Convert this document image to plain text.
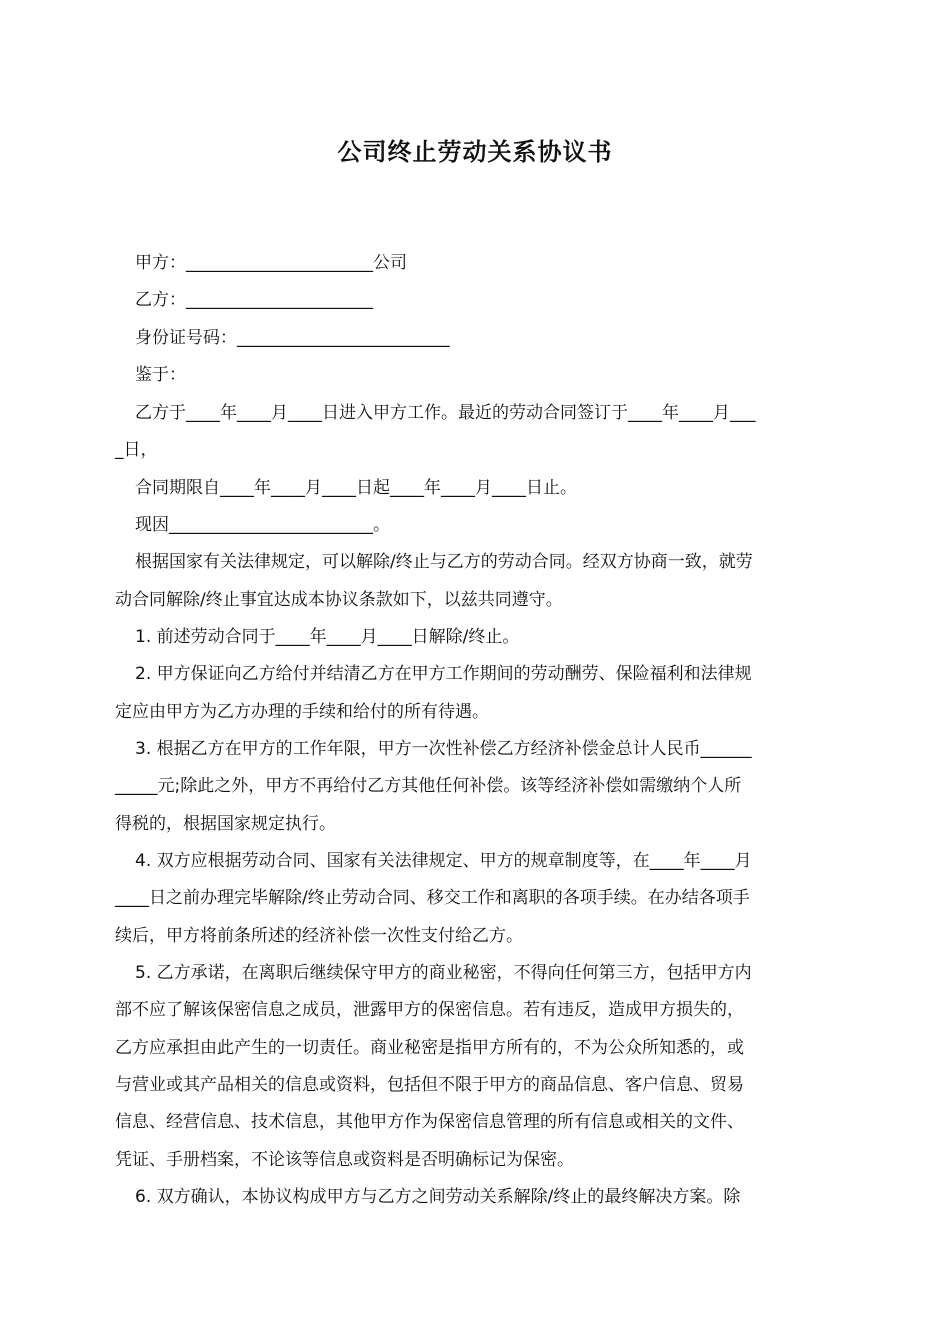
公司终止劳动关系协议书

甲方：______________________公司

乙方：______________________

身份证号码：_________________________

鉴于：

乙方于____年____月____日进入甲方工作。最近的劳动合同签订于____年____月___

_日，

合同期限自____年____月____日起____年____月____日止。

现因________________________。

根据国家有关法律规定，可以解除/终止与乙方的劳动合同。经双方协商一致，就劳

动合同解除/终止事宜达成本协议条款如下，以兹共同遵守。

1. 前述劳动合同于____年____月____日解除/终止。

2. 甲方保证向乙方给付并结清乙方在甲方工作期间的劳动酬劳、保险福利和法律规

定应由甲方为乙方办理的手续和给付的所有待遇。

3. 根据乙方在甲方的工作年限，甲方一次性补偿乙方经济补偿金总计人民币______

_____元;除此之外，甲方不再给付乙方其他任何补偿。该等经济补偿如需缴纳个人所

得税的，根据国家规定执行。

4. 双方应根据劳动合同、国家有关法律规定、甲方的规章制度等，在____年____月

____日之前办理完毕解除/终止劳动合同、移交工作和离职的各项手续。在办结各项手

续后，甲方将前条所述的经济补偿一次性支付给乙方。

5. 乙方承诺，在离职后继续保守甲方的商业秘密，不得向任何第三方，包括甲方内

部不应了解该保密信息之成员，泄露甲方的保密信息。若有违反，造成甲方损失的，

乙方应承担由此产生的一切责任。商业秘密是指甲方所有的，不为公众所知悉的，或

与营业或其产品相关的信息或资料，包括但不限于甲方的商品信息、客户信息、贸易

信息、经营信息、技术信息，其他甲方作为保密信息管理的所有信息或相关的文件、

凭证、手册档案，不论该等信息或资料是否明确标记为保密。

6. 双方确认，本协议构成甲方与乙方之间劳动关系解除/终止的最终解决方案。除
